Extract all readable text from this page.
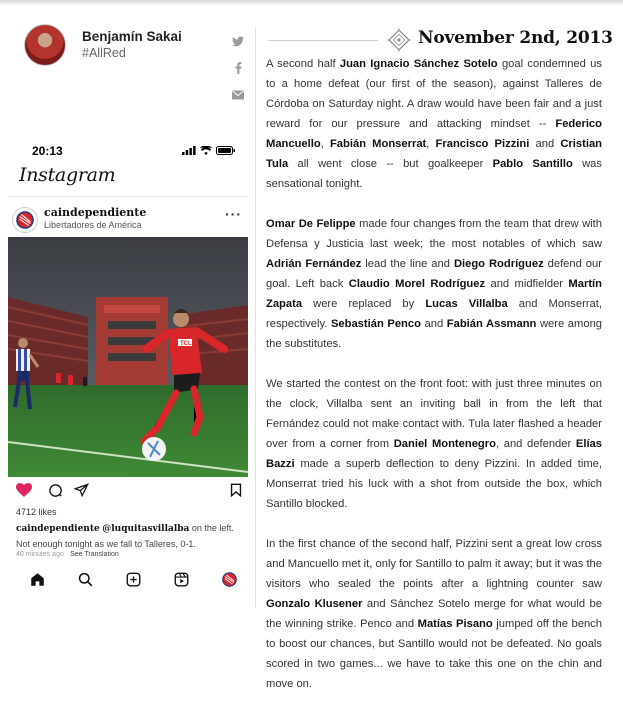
Benjamín Sakai
#AllRed
November 2nd, 2013

A second half Juan Ignacio Sánchez Sotelo goal condemned us to a home defeat (our first of the season), against Talleres de Córdoba on Saturday night. A draw would have been fair and a just reward for our pressure and attacking mindset -- Federico Mancuello, Fabián Monserrat, Francisco Pizzini and Cristian Tula all went close -- but goalkeeper Pablo Santillo was sensational tonight.

Omar De Felippe made four changes from the team that drew with Defensa y Justicia last week; the most notables of which saw Adrián Fernández lead the line and Diego Rodríguez defend our goal. Left back Claudio Morel Rodríguez and midfielder Martín Zapata were replaced by Lucas Villalba and Monserrat, respectively. Sebastián Penco and Fabián Assmann were among the substitutes.

We started the contest on the front foot: with just three minutes on the clock, Villalba sent an inviting ball in from the left that Fernández could not make contact with. Tula later flashed a header over from a corner from Daniel Montenegro, and defender Elías Bazzi made a superb deflection to deny Pizzini. In added time, Monserrat tried his luck with a shot from outside the box, which Santillo blocked.

In the first chance of the second half, Pizzini sent a great low cross and Mancuello met it, only for Santillo to palm it away; but it was the visitors who sealed the points after a lightning counter saw Gonzalo Klusener and Sánchez Sotelo merge for what would be the winning strike. Penco and Matías Pisano jumped off the bench to boost our chances, but Santillo would not be defeated. No goals scored in two games... we have to take this one on the chin and move on.

20:13
Instagram
caindependiente
Libertadores de América
···
TCL
4712 likes
caindependiente @luquitasvillalba on the left.
Not enough tonight as we fall to Talleres, 0-1.
40 minutes ago · See Translation
